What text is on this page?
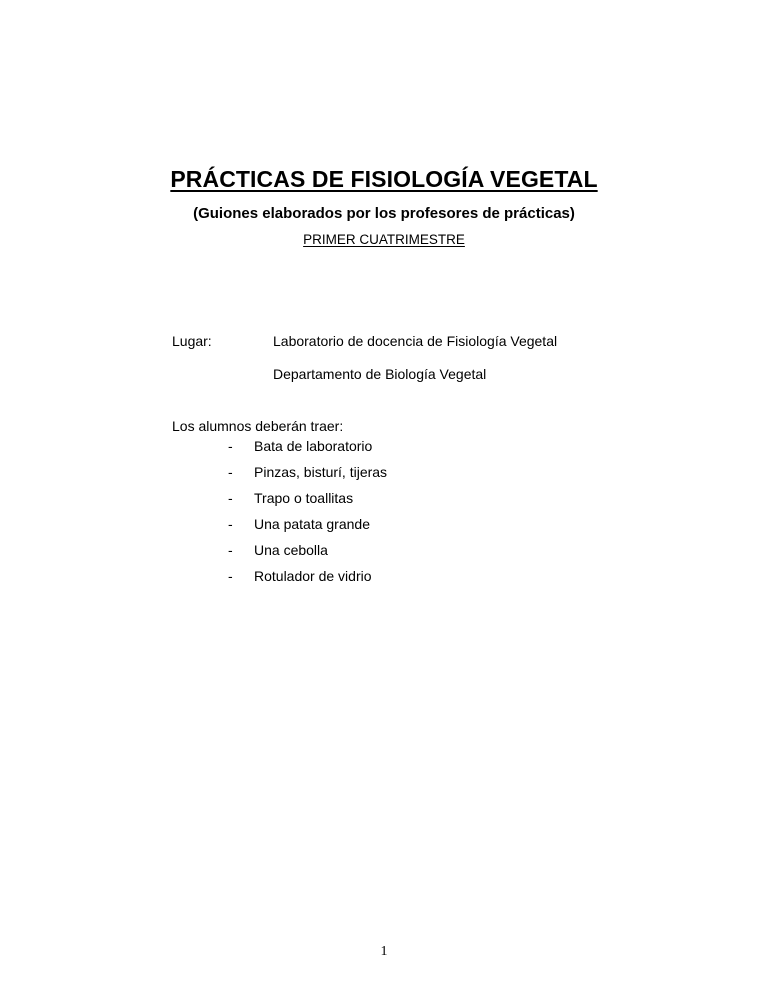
PRÁCTICAS DE FISIOLOGÍA VEGETAL
(Guiones elaborados por los profesores de prácticas)
PRIMER CUATRIMESTRE
Lugar:	Laboratorio de docencia de Fisiología Vegetal
Departamento de Biología Vegetal
Los alumnos deberán traer:
- Bata de laboratorio
- Pinzas, bisturí, tijeras
- Trapo o toallitas
- Una patata grande
- Una cebolla
- Rotulador de vidrio
1
